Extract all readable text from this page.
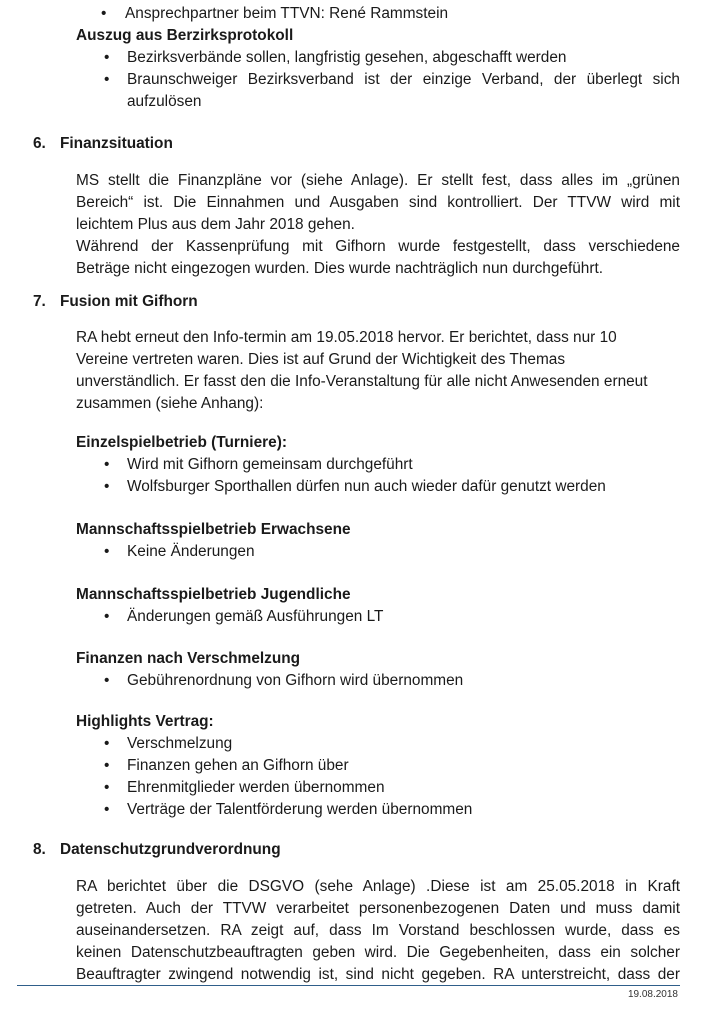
• Ansprechpartner beim TTVN: René Rammstein
Auszug aus Berzirksprotokoll
• Bezirksverbände sollen, langfristig gesehen, abgeschafft werden
• Braunschweiger Bezirksverband ist der einzige Verband, der überlegt sich
aufzulösen
6. Finanzsituation
MS stellt die Finanzpläne vor (siehe Anlage). Er stellt fest, dass alles im „grünen
Bereich“ ist. Die Einnahmen und Ausgaben sind kontrolliert. Der TTVW wird mit
leichtem Plus aus dem Jahr 2018 gehen.
Während der Kassenprüfung mit Gifhorn wurde festgestellt, dass verschiedene
Beträge nicht eingezogen wurden. Dies wurde nachträglich nun durchgeführt.
7. Fusion mit Gifhorn
RA hebt erneut den Info-termin am 19.05.2018 hervor. Er berichtet, dass nur 10
Vereine vertreten waren. Dies ist auf Grund der Wichtigkeit des Themas
unverständlich. Er fasst den die Info-Veranstaltung für alle nicht Anwesenden erneut
zusammen (siehe Anhang):
Einzelspielbetrieb (Turniere):
• Wird mit Gifhorn gemeinsam durchgeführt
• Wolfsburger Sporthallen dürfen nun auch wieder dafür genutzt werden
Mannschaftsspielbetrieb Erwachsene
• Keine Änderungen
Mannschaftsspielbetrieb Jugendliche
• Änderungen gemäß Ausführungen LT
Finanzen nach Verschmelzung
• Gebührenordnung von Gifhorn wird übernommen
Highlights Vertrag:
• Verschmelzung
• Finanzen gehen an Gifhorn über
• Ehrenmitglieder werden übernommen
• Verträge der Talentförderung werden übernommen
8. Datenschutzgrundverordnung
RA berichtet über die DSGVO (sehe Anlage) .Diese ist am 25.05.2018 in Kraft
getreten. Auch der TTVW verarbeitet personenbezogenen Daten und muss damit
auseinandersetzen. RA zeigt auf, dass Im Vorstand beschlossen wurde, dass es
keinen Datenschutzbeauftragten geben wird. Die Gegebenheiten, dass ein solcher
Beauftragter zwingend notwendig ist, sind nicht gegeben. RA unterstreicht, dass der
19.08.2018
